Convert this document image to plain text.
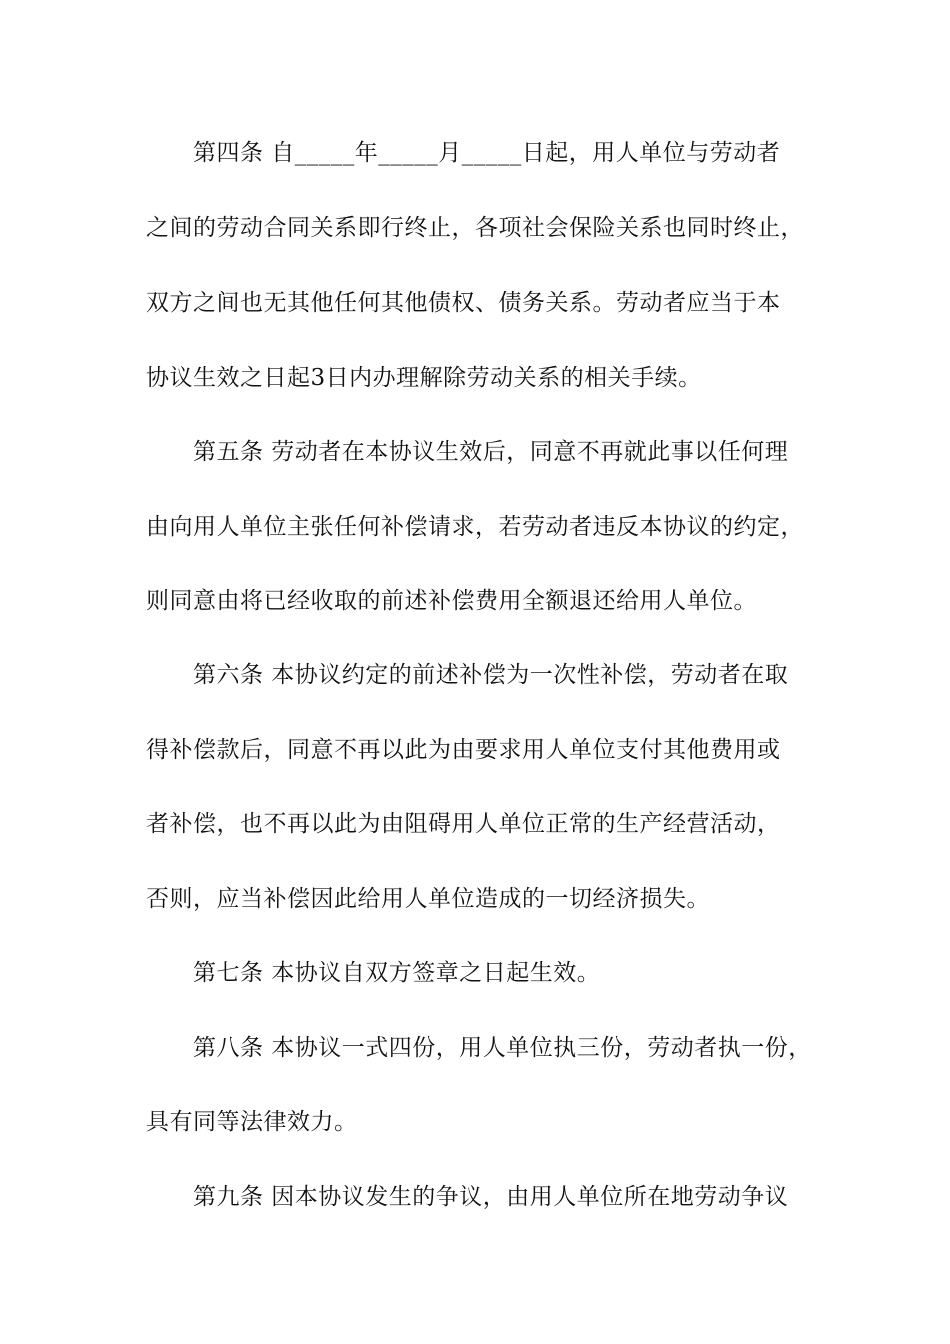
第四条 自_____年_____月_____日起，用人单位与劳动者
之间的劳动合同关系即行终止，各项社会保险关系也同时终止，
双方之间也无其他任何其他债权、债务关系。劳动者应当于本
协议生效之日起3日内办理解除劳动关系的相关手续。
第五条 劳动者在本协议生效后，同意不再就此事以任何理
由向用人单位主张任何补偿请求，若劳动者违反本协议的约定，
则同意由将已经收取的前述补偿费用全额退还给用人单位。
第六条 本协议约定的前述补偿为一次性补偿，劳动者在取
得补偿款后，同意不再以此为由要求用人单位支付其他费用或
者补偿，也不再以此为由阻碍用人单位正常的生产经营活动，
否则，应当补偿因此给用人单位造成的一切经济损失。
第七条 本协议自双方签章之日起生效。
第八条 本协议一式四份，用人单位执三份，劳动者执一份，
具有同等法律效力。
第九条 因本协议发生的争议，由用人单位所在地劳动争议
